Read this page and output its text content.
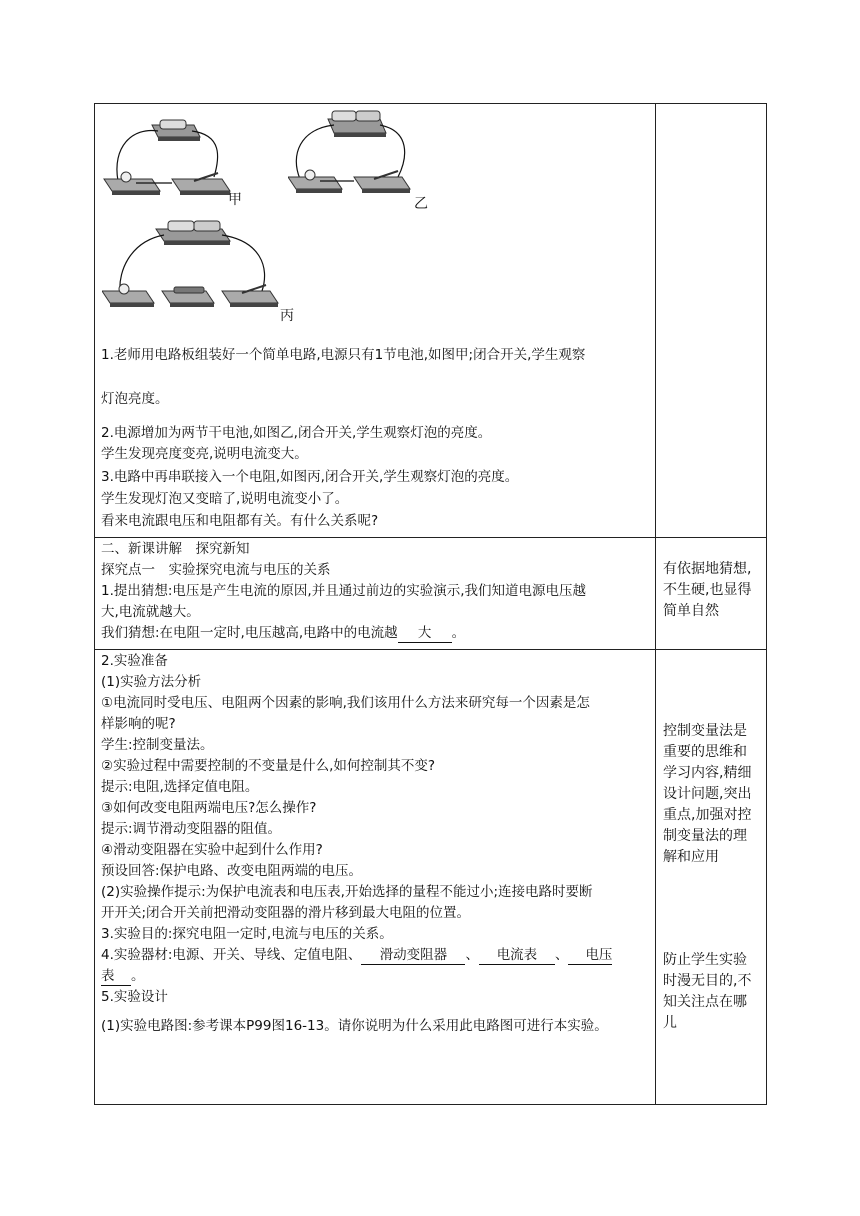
甲	乙
丙
1.老师用电路板组装好一个简单电路,电源只有1节电池,如图甲;闭合开关,学生观察
灯泡亮度。
2.电源增加为两节干电池,如图乙,闭合开关,学生观察灯泡的亮度。
学生发现亮度变亮,说明电流变大。
3.电路中再串联接入一个电阻,如图丙,闭合开关,学生观察灯泡的亮度。
学生发现灯泡又变暗了,说明电流变小了。
看来电流跟电压和电阻都有关。有什么关系呢?
二、新课讲解　探究新知
探究点一　实验探究电流与电压的关系
1.提出猜想:电压是产生电流的原因,并且通过前边的实验演示,我们知道电源电压越
大,电流就越大。
我们猜想:在电阻一定时,电压越高,电路中的电流越 大 。
有依据地猜想,
不生硬,也显得
简单自然
2.实验准备
(1)实验方法分析
①电流同时受电压、电阻两个因素的影响,我们该用什么方法来研究每一个因素是怎
样影响的呢?
学生:控制变量法。
②实验过程中需要控制的不变量是什么,如何控制其不变?
提示:电阻,选择定值电阻。
③如何改变电阻两端电压?怎么操作?
提示:调节滑动变阻器的阻值。
④滑动变阻器在实验中起到什么作用?
预设回答:保护电路、改变电阻两端的电压。
(2)实验操作提示:为保护电流表和电压表,开始选择的量程不能过小;连接电路时要断
开开关;闭合开关前把滑动变阻器的滑片移到最大电阻的位置。
3.实验目的:探究电阻一定时,电流与电压的关系。
4.实验器材:电源、开关、导线、定值电阻、 滑动变阻器 、 电流表 、 电压
表 。
5.实验设计
(1)实验电路图:参考课本P99图16-13。请你说明为什么采用此电路图可进行本实验。
控制变量法是
重要的思维和
学习内容,精细
设计问题,突出
重点,加强对控
制变量法的理
解和应用
防止学生实验
时漫无目的,不
知关注点在哪
儿
